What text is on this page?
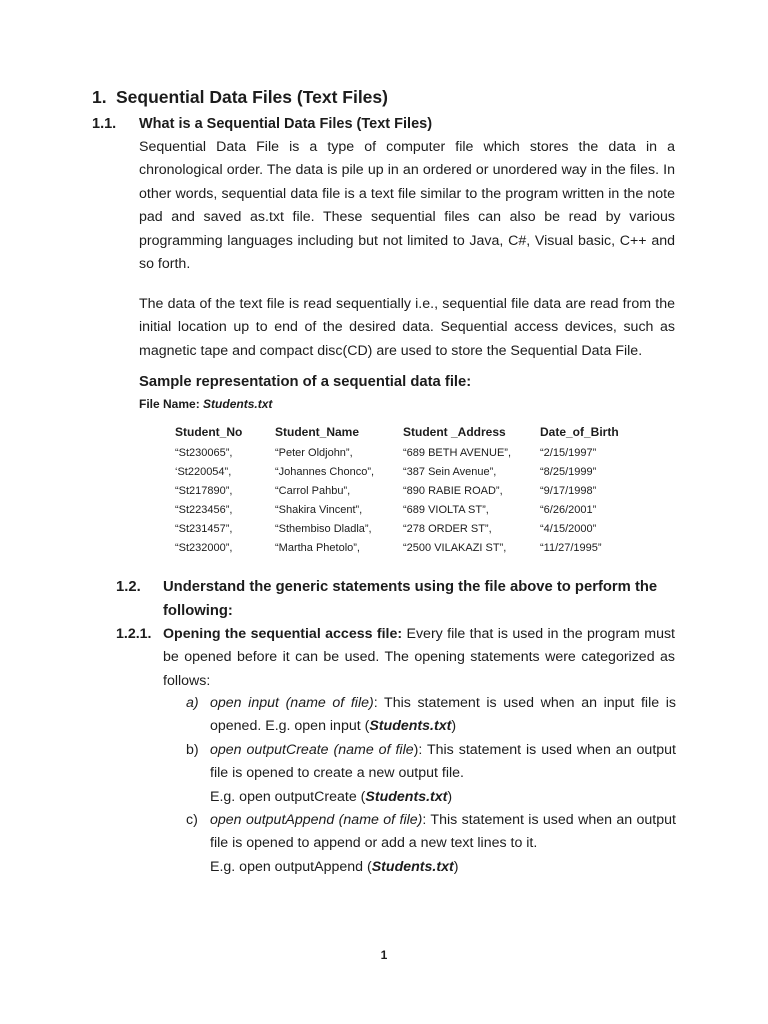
1. Sequential Data Files (Text Files)
1.1. What is a Sequential Data Files (Text Files)

Sequential Data File is a type of computer file which stores the data in a chronological order. The data is pile up in an ordered or unordered way in the files. In other words, sequential data file is a text file similar to the program written in the note pad and saved as.txt file. These sequential files can also be read by various programming languages including but not limited to Java, C#, Visual basic, C++ and so forth.

The data of the text file is read sequentially i.e., sequential file data are read from the initial location up to end of the desired data. Sequential access devices, such as magnetic tape and compact disc(CD) are used to store the Sequential Data File.

Sample representation of a sequential data file:
File Name: Students.txt
Student_No	Student_Name	Student _Address	Date_of_Birth
“St230065”,	“Peter Oldjohn”,	“689 BETH AVENUE”,	“2/15/1997”
‘St220054”,	“Johannes Chonco”,	“387 Sein Avenue”,	“8/25/1999”
“St217890”,	“Carrol Pahbu”,	“890 RABIE ROAD”,	“9/17/1998”
“St223456”,	“Shakira Vincent”,	“689 VIOLTA ST”,	“6/26/2001”
“St231457”,	“Sthembiso Dladla”,	“278 ORDER ST”,	“4/15/2000”
“St232000”,	“Martha Phetolo”,	“2500 VILAKAZI ST”,	“11/27/1995”
1.2. Understand the generic statements using the file above to perform the following:
1.2.1. Opening the sequential access file: Every file that is used in the program must be opened before it can be used. The opening statements were categorized as follows:

a) open input (name of file): This statement is used when an input file is opened. E.g. open input (Students.txt)
b) open outputCreate (name of file): This statement is used when an output file is opened to create a new output file.
E.g. open outputCreate (Students.txt)
c) open outputAppend (name of file): This statement is used when an output file is opened to append or add a new text lines to it.
E.g. open outputAppend (Students.txt)
1
